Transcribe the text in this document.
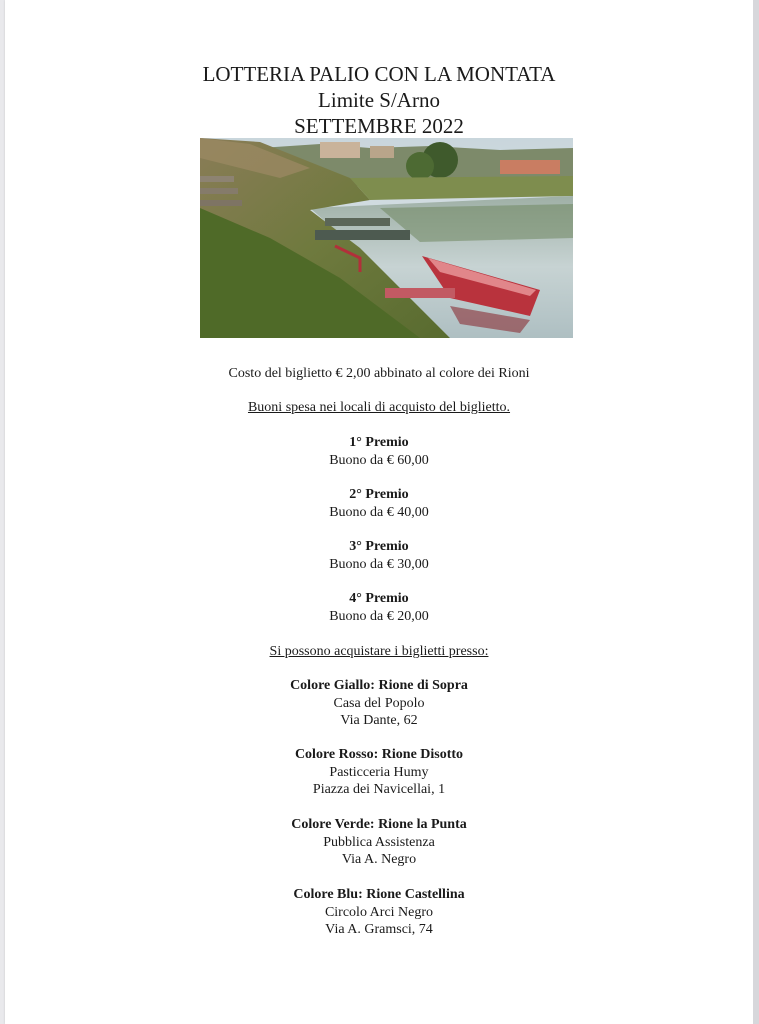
LOTTERIA PALIO CON LA MONTATA
Limite S/Arno
SETTEMBRE 2022
Costo del biglietto € 2,00 abbinato al colore dei Rioni
Buoni spesa nei locali di acquisto del biglietto.
1° Premio
Buono da € 60,00
2° Premio
Buono da € 40,00
3° Premio
Buono da € 30,00
4° Premio
Buono da € 20,00
Si possono acquistare i biglietti presso:
Colore Giallo: Rione di Sopra
Casa del Popolo
Via Dante, 62
Colore Rosso: Rione Disotto
Pasticceria Humy
Piazza dei Navicellai, 1
Colore Verde: Rione la Punta
Pubblica Assistenza
Via A. Negro
Colore Blu: Rione Castellina
Circolo Arci Negro
Via A. Gramsci, 74
